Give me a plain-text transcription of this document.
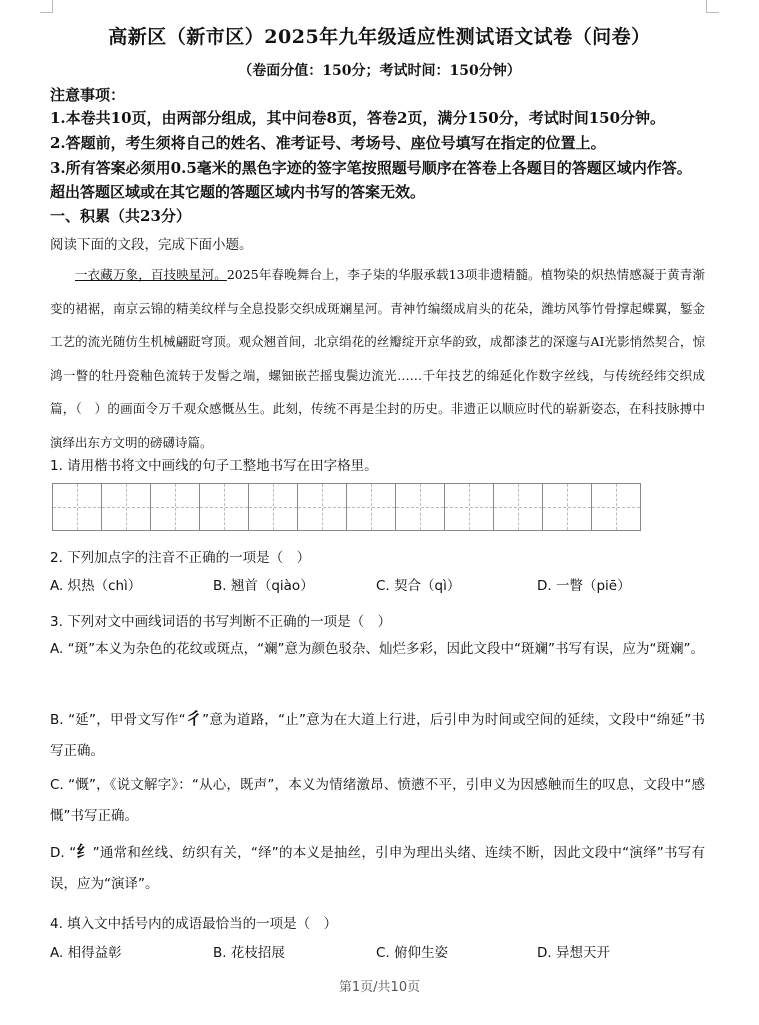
高新区（新市区）2025年九年级适应性测试语文试卷（问卷）
（卷面分值：150分；考试时间：150分钟）
注意事项：
1.本卷共10页，由两部分组成，其中问卷8页，答卷2页，满分150分，考试时间150分钟。
2.答题前，考生须将自己的姓名、准考证号、考场号、座位号填写在指定的位置上。
3.所有答案必须用0.5毫米的黑色字迹的签字笔按照题号顺序在答卷上各题目的答题区域内作答。超出答题区域或在其它题的答题区域内书写的答案无效。
一、积累（共23分）
阅读下面的文段，完成下面小题。
一衣藏万象，百技映星河。2025年春晚舞台上，李子柒的华服承载13项非遗精髓。植物染的炽热情感凝于黄青渐变的裙裾，南京云锦的精美纹样与全息投影交织成斑斓星河。青神竹编缀成肩头的花朵，潍坊风筝竹骨撑起蝶翼，錾金工艺的流光随仿生机械翩跹穹顶。观众翘首间，北京绢花的丝瓣绽开京华韵致，成都漆艺的深邃与AI光影悄然契合，惊鸿一瞥的牡丹瓷釉色流转于发髻之端，螺钿嵌芒摇曳鬓边流光……千年技艺的绵延化作数字丝线，与传统经纬交织成篇，（　）的画面令万千观众感慨丛生。此刻，传统不再是尘封的历史。非遗正以顺应时代的崭新姿态，在科技脉搏中演绎出东方文明的磅礴诗篇。
1. 请用楷书将文中画线的句子工整地书写在田字格里。
2. 下列加点字的注音不正确的一项是（　）
A. 炽热（chì）	B. 翘首（qiào）	C. 契合（qì）	D. 一瞥（piē）
3. 下列对文中画线词语的书写判断不正确的一项是（　）
A. “斑”本义为杂色的花纹或斑点，“斓”意为颜色驳杂、灿烂多彩，因此文段中“斑斓”书写有误，应为“斑斓”。
B. “延”，甲骨文写作“彳”意为道路，“止”意为在大道上行进，后引申为时间或空间的延续，文段中“绵延”书写正确。
C. “慨”，《说文解字》：“从心，既声”，本义为情绪激昂、愤懑不平，引申义为因感触而生的叹息，文段中“感慨”书写正确。
D. “纟”通常和丝线、纺织有关，“绎”的本义是抽丝，引申为理出头绪、连续不断，因此文段中“演绎”书写有误，应为“演译”。
4. 填入文中括号内的成语最恰当的一项是（　）
A. 相得益彰	B. 花枝招展	C. 俯仰生姿	D. 异想天开
第1页/共10页
